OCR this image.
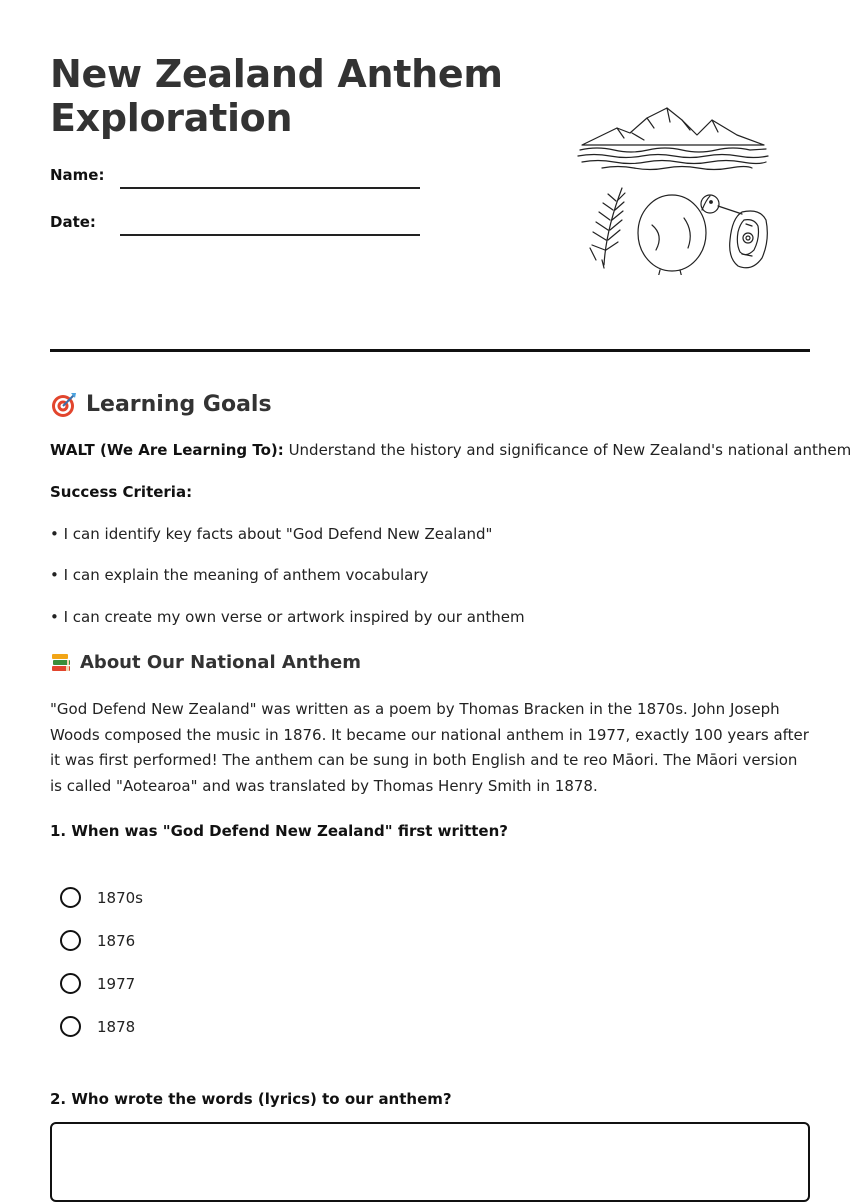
New Zealand Anthem Exploration
Name:
Date:
Learning Goals
WALT (We Are Learning To): Understand the history and significance of New Zealand's national anthem
Success Criteria:
• I can identify key facts about "God Defend New Zealand"
• I can explain the meaning of anthem vocabulary
• I can create my own verse or artwork inspired by our anthem
About Our National Anthem

"God Defend New Zealand" was written as a poem by Thomas Bracken in the 1870s. John Joseph Woods composed the music in 1876. It became our national anthem in 1977, exactly 100 years after it was first performed! The anthem can be sung in both English and te reo Māori. The Māori version is called "Aotearoa" and was translated by Thomas Henry Smith in 1878.

1. When was "God Defend New Zealand" first written?
1870s
1876
1977
1878
2. Who wrote the words (lyrics) to our anthem?
